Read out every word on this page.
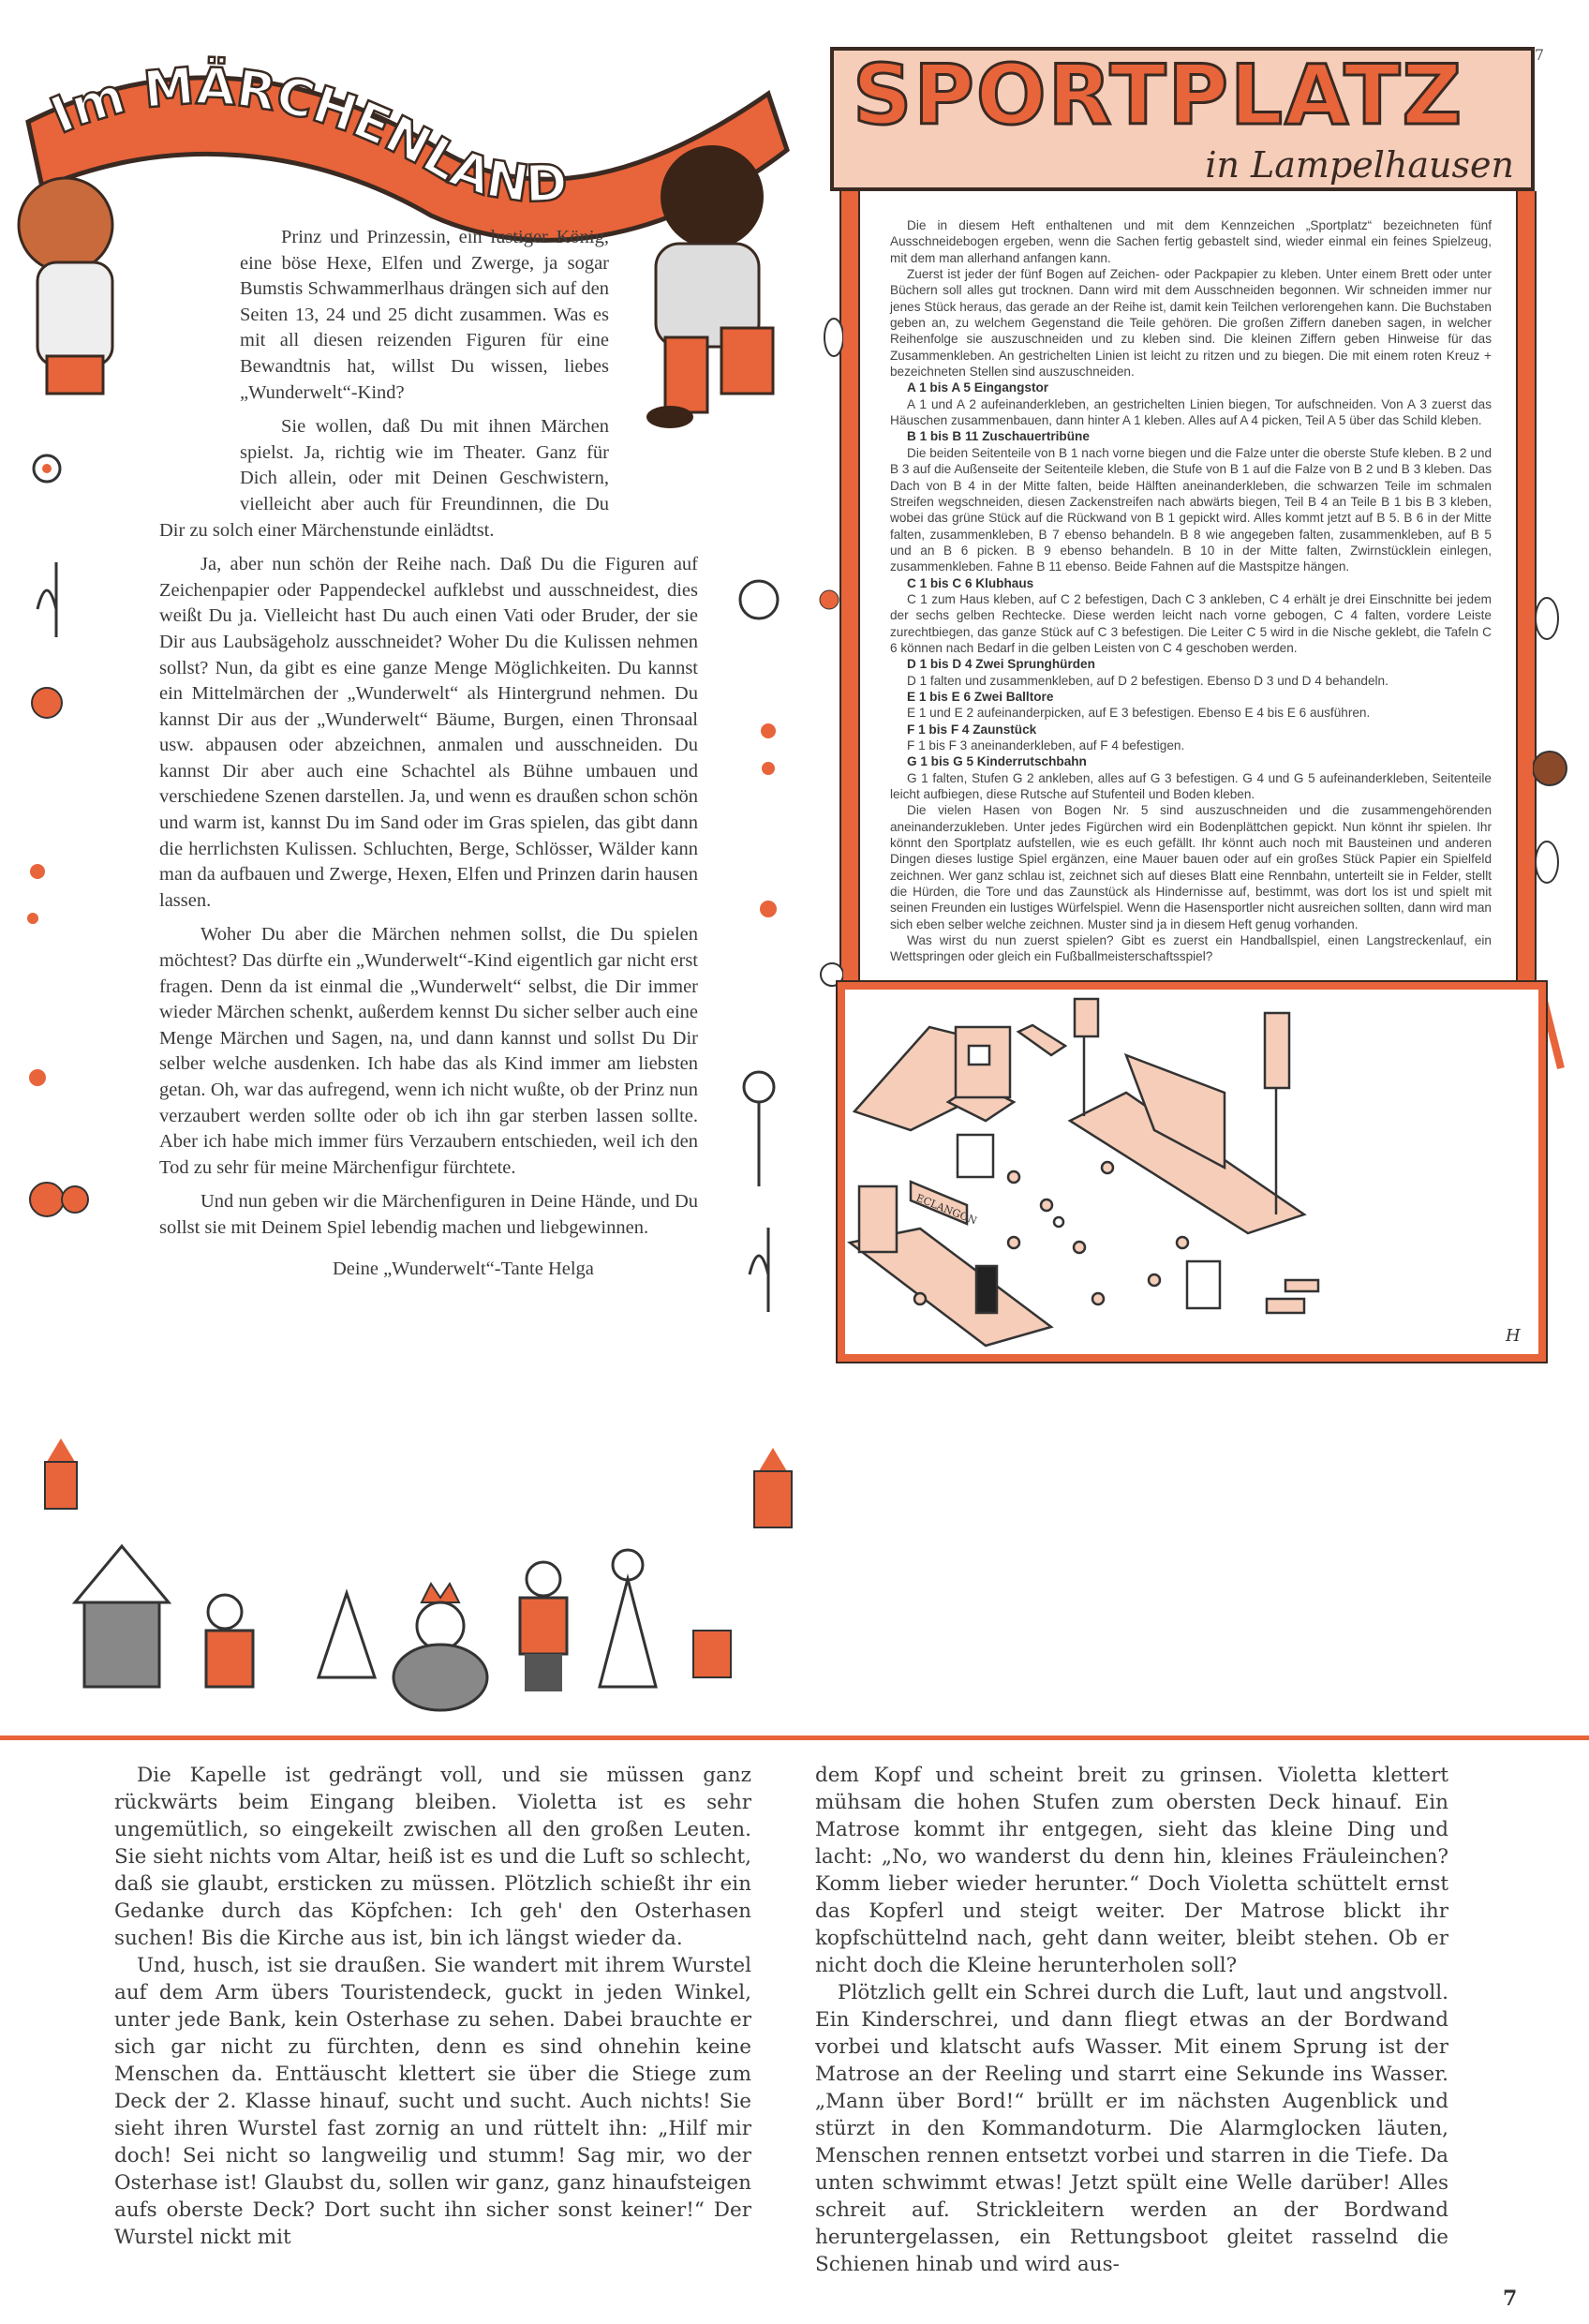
Im MÄRCHENLAND

Prinz und Prinzessin, ein lustiger König, eine böse Hexe, Elfen und Zwerge, ja sogar Bumstis Schwammerlhaus drängen sich auf den Seiten 13, 24 und 25 dicht zusammen. Was es mit all diesen reizenden Figuren für eine Bewandtnis hat, willst Du wissen, liebes „Wunderwelt“-Kind?

Sie wollen, daß Du mit ihnen Märchen spielst. Ja, richtig wie im Theater. Ganz für Dich allein, oder mit Deinen Geschwistern, vielleicht aber auch für Freundinnen, die Du Dir zu solch einer Märchenstunde einlädtst.

Ja, aber nun schön der Reihe nach. Daß Du die Figuren auf Zeichenpapier oder Pappendeckel aufklebst und ausschneidest, dies weißt Du ja. Vielleicht hast Du auch einen Vati oder Bruder, der sie Dir aus Laubsägeholz ausschneidet? Woher Du die Kulissen nehmen sollst? Nun, da gibt es eine ganze Menge Möglichkeiten. Du kannst ein Mittelmärchen der „Wunderwelt“ als Hintergrund nehmen. Du kannst Dir aus der „Wunderwelt“ Bäume, Burgen, einen Thronsaal usw. abpausen oder abzeichnen, anmalen und ausschneiden. Du kannst Dir aber auch eine Schachtel als Bühne umbauen und verschiedene Szenen darstellen. Ja, und wenn es draußen schon schön und warm ist, kannst Du im Sand oder im Gras spielen, das gibt dann die herrlichsten Kulissen. Schluchten, Berge, Schlösser, Wälder kann man da aufbauen und Zwerge, Hexen, Elfen und Prinzen darin hausen lassen.

Woher Du aber die Märchen nehmen sollst, die Du spielen möchtest? Das dürfte ein „Wunderwelt“-Kind eigentlich gar nicht erst fragen. Denn da ist einmal die „Wunderwelt“ selbst, die Dir immer wieder Märchen schenkt, außerdem kennst Du sicher selber auch eine Menge Märchen und Sagen, na, und dann kannst und sollst Du Dir selber welche ausdenken. Ich habe das als Kind immer am liebsten getan. Oh, war das aufregend, wenn ich nicht wußte, ob der Prinz nun verzaubert werden sollte oder ob ich ihn gar sterben lassen sollte. Aber ich habe mich immer fürs Verzaubern entschieden, weil ich den Tod zu sehr für meine Märchenfigur fürchtete.

Und nun geben wir die Märchenfiguren in Deine Hände, und Du sollst sie mit Deinem Spiel lebendig machen und liebgewinnen.

Deine „Wunderwelt“-Tante Helga
SPORTPLATZ
in Lampelhausen
7

Die in diesem Heft enthaltenen und mit dem Kennzeichen „Sportplatz“ bezeichneten fünf Ausschneidebogen ergeben, wenn die Sachen fertig gebastelt sind, wieder einmal ein feines Spielzeug, mit dem man allerhand anfangen kann.

Zuerst ist jeder der fünf Bogen auf Zeichen- oder Packpapier zu kleben. Unter einem Brett oder unter Büchern soll alles gut trocknen. Dann wird mit dem Ausschneiden begonnen. Wir schneiden immer nur jenes Stück heraus, das gerade an der Reihe ist, damit kein Teilchen verlorengehen kann. Die Buchstaben geben an, zu welchem Gegenstand die Teile gehören. Die großen Ziffern daneben sagen, in welcher Reihenfolge sie auszuschneiden und zu kleben sind. Die kleinen Ziffern geben Hinweise für das Zusammenkleben. An gestrichelten Linien ist leicht zu ritzen und zu biegen. Die mit einem roten Kreuz + bezeichneten Stellen sind auszuschneiden.

A 1 bis A 5 Eingangstor

A 1 und A 2 aufeinanderkleben, an gestrichelten Linien biegen, Tor aufschneiden. Von A 3 zuerst das Häuschen zusammenbauen, dann hinter A 1 kleben. Alles auf A 4 picken, Teil A 5 über das Schild kleben.

B 1 bis B 11 Zuschauertribüne

Die beiden Seitenteile von B 1 nach vorne biegen und die Falze unter die oberste Stufe kleben. B 2 und B 3 auf die Außenseite der Seitenteile kleben, die Stufe von B 1 auf die Falze von B 2 und B 3 kleben. Das Dach von B 4 in der Mitte falten, beide Hälften aneinanderkleben, die schwarzen Teile im schmalen Streifen wegschneiden, diesen Zackenstreifen nach abwärts biegen, Teil B 4 an Teile B 1 bis B 3 kleben, wobei das grüne Stück auf die Rückwand von B 1 gepickt wird. Alles kommt jetzt auf B 5. B 6 in der Mitte falten, zusammenkleben, B 7 ebenso behandeln. B 8 wie angegeben falten, zusammenkleben, auf B 5 und an B 6 picken. B 9 ebenso behandeln. B 10 in der Mitte falten, Zwirnstücklein einlegen, zusammenkleben. Fahne B 11 ebenso. Beide Fahnen auf die Mastspitze hängen.

C 1 bis C 6 Klubhaus

C 1 zum Haus kleben, auf C 2 befestigen, Dach C 3 ankleben, C 4 erhält je drei Einschnitte bei jedem der sechs gelben Rechtecke. Diese werden leicht nach vorne gebogen, C 4 falten, vordere Leiste zurechtbiegen, das ganze Stück auf C 3 befestigen. Die Leiter C 5 wird in die Nische geklebt, die Tafeln C 6 können nach Bedarf in die gelben Leisten von C 4 geschoben werden.

D 1 bis D 4 Zwei Sprunghürden

D 1 falten und zusammenkleben, auf D 2 befestigen. Ebenso D 3 und D 4 behandeln.

E 1 bis E 6 Zwei Balltore

E 1 und E 2 aufeinanderpicken, auf E 3 befestigen. Ebenso E 4 bis E 6 ausführen.

F 1 bis F 4 Zaunstück

F 1 bis F 3 aneinanderkleben, auf F 4 befestigen.

G 1 bis G 5 Kinderrutschbahn

G 1 falten, Stufen G 2 ankleben, alles auf G 3 befestigen. G 4 und G 5 aufeinanderkleben, Seitenteile leicht aufbiegen, diese Rutsche auf Stufenteil und Boden kleben.

Die vielen Hasen von Bogen Nr. 5 sind auszuschneiden und die zusammengehörenden aneinanderzukleben. Unter jedes Figürchen wird ein Bodenplättchen gepickt. Nun könnt ihr spielen. Ihr könnt den Sportplatz aufstellen, wie es euch gefällt. Ihr könnt auch noch mit Bausteinen und anderen Dingen dieses lustige Spiel ergänzen, eine Mauer bauen oder auf ein großes Stück Papier ein Spielfeld zeichnen. Wer ganz schlau ist, zeichnet sich auf dieses Blatt eine Rennbahn, unterteilt sie in Felder, stellt die Hürden, die Tore und das Zaunstück als Hindernisse auf, bestimmt, was dort los ist und spielt mit seinen Freunden ein lustiges Würfelspiel. Wenn die Hasensportler nicht ausreichen sollten, dann wird man sich eben selber welche zeichnen. Muster sind ja in diesem Heft genug vorhanden.

Was wirst du nun zuerst spielen? Gibt es zuerst ein Handballspiel, einen Langstreckenlauf, ein Wettspringen oder gleich ein Fußballmeisterschaftsspiel?

ECLANGON
H

Die Kapelle ist gedrängt voll, und sie müssen ganz rückwärts beim Eingang bleiben. Violetta ist es sehr ungemütlich, so eingekeilt zwischen all den großen Leuten. Sie sieht nichts vom Altar, heiß ist es und die Luft so schlecht, daß sie glaubt, ersticken zu müssen. Plötzlich schießt ihr ein Gedanke durch das Köpfchen: Ich geh' den Osterhasen suchen! Bis die Kirche aus ist, bin ich längst wieder da.

Und, husch, ist sie draußen. Sie wandert mit ihrem Wurstel auf dem Arm übers Touristendeck, guckt in jeden Winkel, unter jede Bank, kein Osterhase zu sehen. Dabei brauchte er sich gar nicht zu fürchten, denn es sind ohnehin keine Menschen da. Enttäuscht klettert sie über die Stiege zum Deck der 2. Klasse hinauf, sucht und sucht. Auch nichts! Sie sieht ihren Wurstel fast zornig an und rüttelt ihn: „Hilf mir doch! Sei nicht so langweilig und stumm! Sag mir, wo der Osterhase ist! Glaubst du, sollen wir ganz, ganz hinaufsteigen aufs oberste Deck? Dort sucht ihn sicher sonst keiner!“ Der Wurstel nickt mit

dem Kopf und scheint breit zu grinsen. Violetta klettert mühsam die hohen Stufen zum obersten Deck hinauf. Ein Matrose kommt ihr entgegen, sieht das kleine Ding und lacht: „No, wo wanderst du denn hin, kleines Fräuleinchen? Komm lieber wieder herunter.“ Doch Violetta schüttelt ernst das Kopferl und steigt weiter. Der Matrose blickt ihr kopfschüttelnd nach, geht dann weiter, bleibt stehen. Ob er nicht doch die Kleine herunterholen soll?

Plötzlich gellt ein Schrei durch die Luft, laut und angstvoll. Ein Kinderschrei, und dann fliegt etwas an der Bordwand vorbei und klatscht aufs Wasser. Mit einem Sprung ist der Matrose an der Reeling und starrt eine Sekunde ins Wasser. „Mann über Bord!“ brüllt er im nächsten Augenblick und stürzt in den Kommandoturm. Die Alarmglocken läuten, Menschen rennen entsetzt vorbei und starren in die Tiefe. Da unten schwimmt etwas! Jetzt spült eine Welle darüber! Alles schreit auf. Strickleitern werden an der Bordwand heruntergelassen, ein Rettungsboot gleitet rasselnd die Schienen hinab und wird aus-

7
